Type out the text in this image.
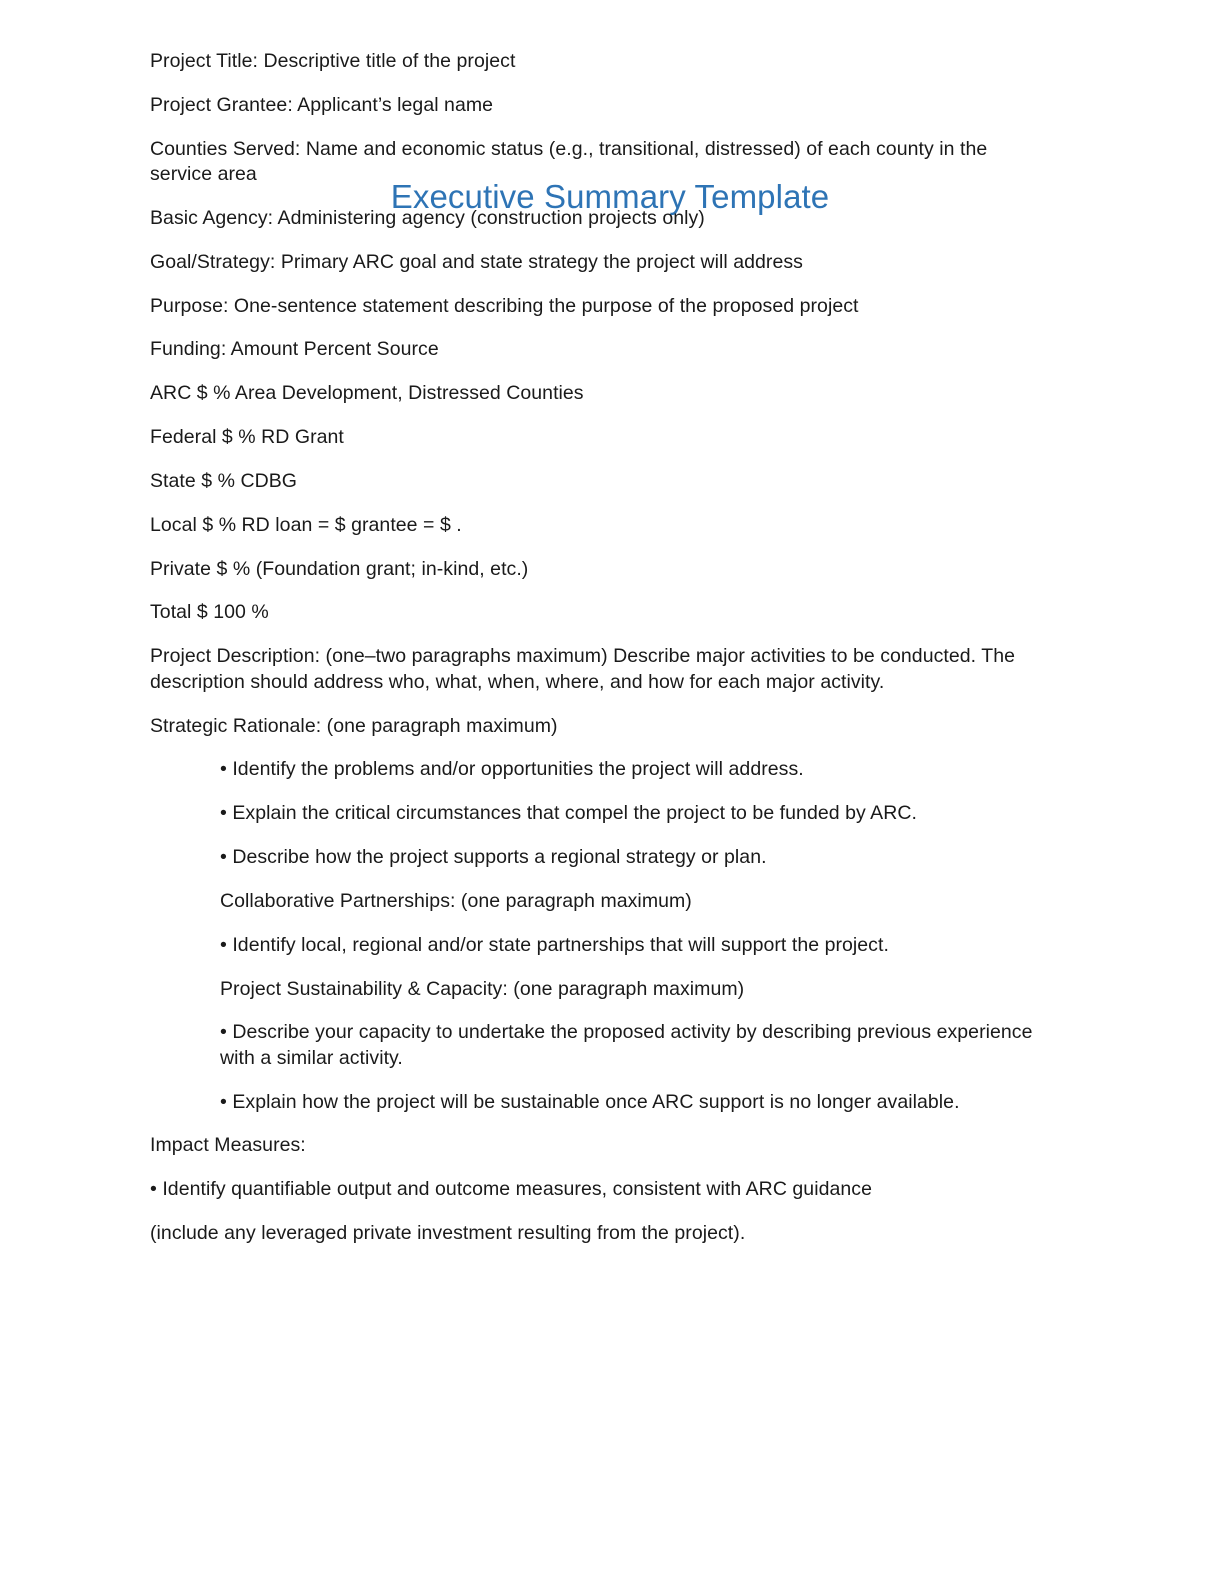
Executive Summary Template

Project Title: Descriptive title of the project

Project Grantee: Applicant’s legal name

Counties Served: Name and economic status (e.g., transitional, distressed) of each county in the service area

Basic Agency: Administering agency (construction projects only)

Goal/Strategy: Primary ARC goal and state strategy the project will address

Purpose: One-sentence statement describing the purpose of the proposed project

Funding: Amount Percent Source

ARC $ % Area Development, Distressed Counties

Federal $ % RD Grant

State $ % CDBG

Local $ % RD loan = $ grantee = $ .

Private $ % (Foundation grant; in-kind, etc.)

Total $ 100 %

Project Description: (one–two paragraphs maximum) Describe major activities to be conducted. The description should address who, what, when, where, and how for each major activity.

Strategic Rationale: (one paragraph maximum)

• Identify the problems and/or opportunities the project will address.

• Explain the critical circumstances that compel the project to be funded by ARC.

• Describe how the project supports a regional strategy or plan.

Collaborative Partnerships: (one paragraph maximum)

• Identify local, regional and/or state partnerships that will support the project.

Project Sustainability & Capacity: (one paragraph maximum)

• Describe your capacity to undertake the proposed activity by describing previous experience with a similar activity.

• Explain how the project will be sustainable once ARC support is no longer available.

Impact Measures:

• Identify quantifiable output and outcome measures, consistent with ARC guidance

(include any leveraged private investment resulting from the project).
